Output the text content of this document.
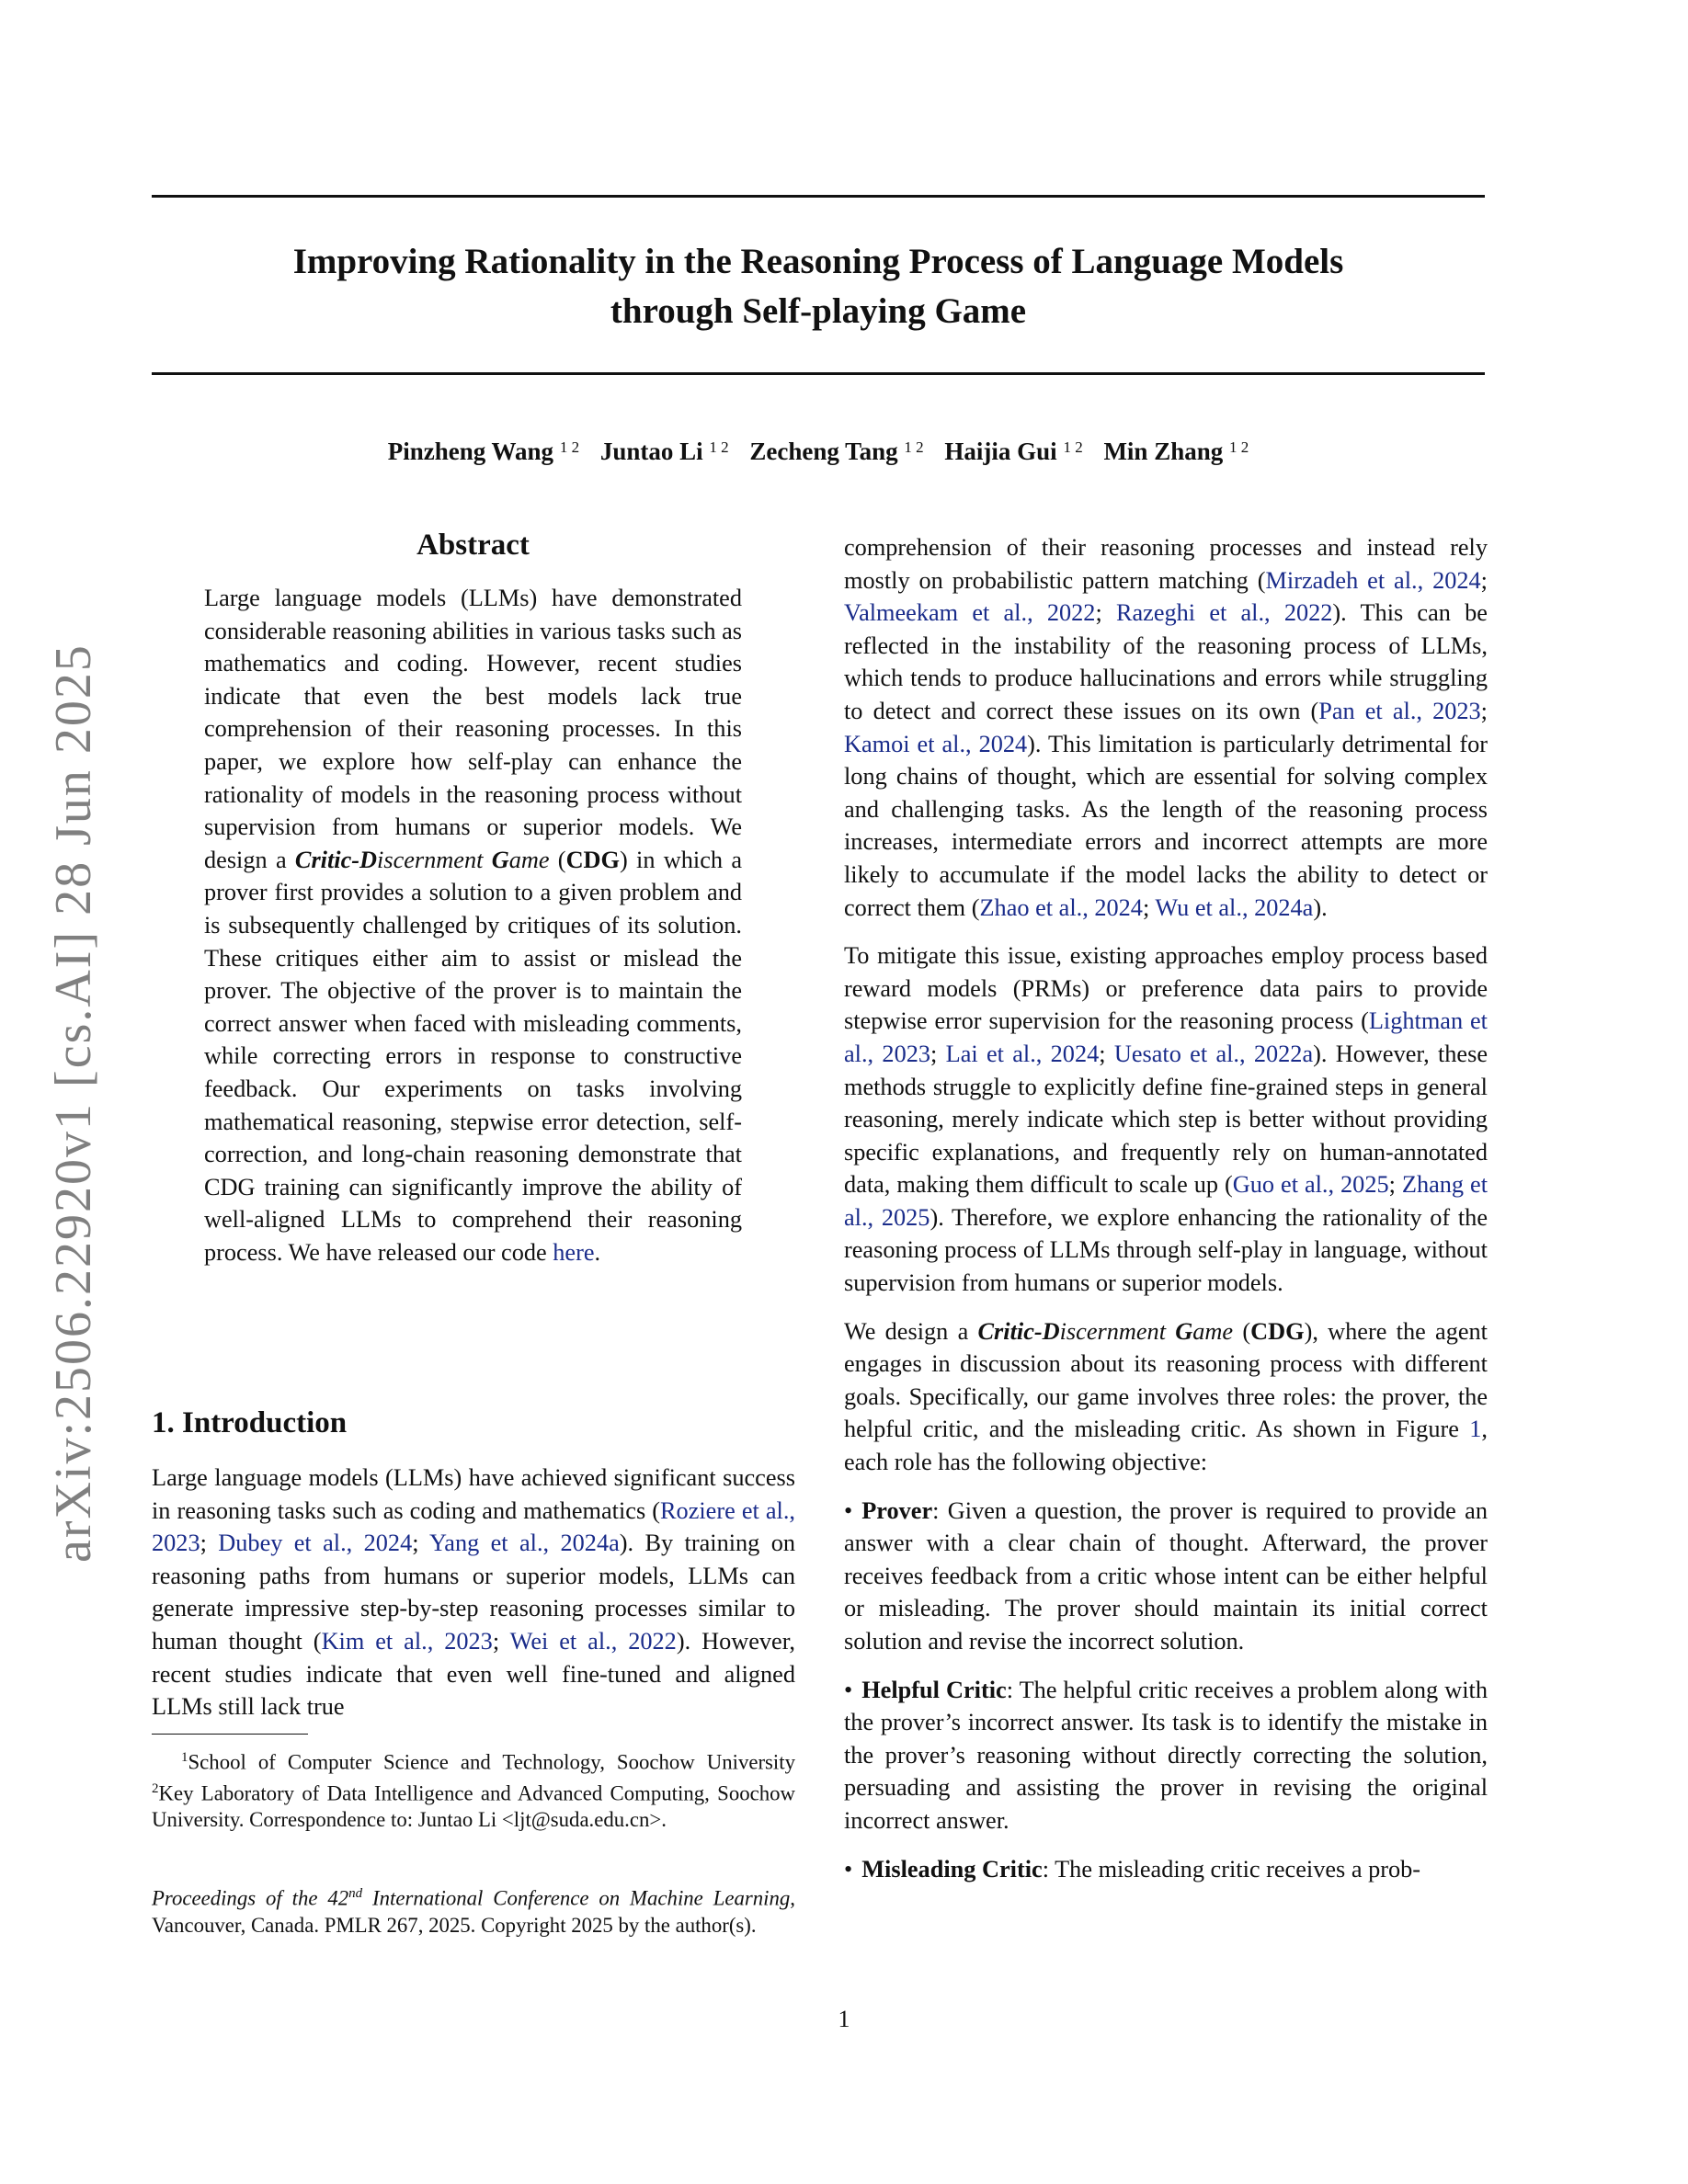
Improving Rationality in the Reasoning Process of Language Models
through Self-playing Game
Pinzheng Wang $^{1 2}$ Juntao Li $^{1 2}$ Zecheng Tang $^{1 2}$ Haijia Gui $^{1 2}$ Min Zhang $^{1 2}$
arXiv:2506.22920v1 [cs.AI] 28 Jun 2025
Abstract

Large language models (LLMs) have demonstrated considerable reasoning abilities in various tasks such as mathematics and coding. However, recent studies indicate that even the best models lack true comprehension of their reasoning processes. In this paper, we explore how self-play can enhance the rationality of models in the reasoning process without supervision from humans or superior models. We design a Critic-Discernment Game (CDG) in which a prover first provides a solution to a given problem and is subsequently challenged by critiques of its solution. These critiques either aim to assist or mislead the prover. The objective of the prover is to maintain the correct answer when faced with misleading comments, while correcting errors in response to constructive feedback. Our experiments on tasks involving mathematical reasoning, stepwise error detection, self-correction, and long-chain reasoning demonstrate that CDG training can significantly improve the ability of well-aligned LLMs to comprehend their reasoning process. We have released our code here.

1. Introduction

Large language models (LLMs) have achieved significant success in reasoning tasks such as coding and mathematics (Roziere et al., 2023; Dubey et al., 2024; Yang et al., 2024a). By training on reasoning paths from humans or superior models, LLMs can generate impressive step-by-step reasoning processes similar to human thought (Kim et al., 2023; Wei et al., 2022). However, recent studies indicate that even well fine-tuned and aligned LLMs still lack true

$^1$School of Computer Science and Technology, Soochow University $^2$Key Laboratory of Data Intelligence and Advanced Computing, Soochow University. Correspondence to: Juntao Li <ljt@suda.edu.cn>.
Proceedings of the 42nd International Conference on Machine Learning, Vancouver, Canada. PMLR 267, 2025. Copyright 2025 by the author(s).

comprehension of their reasoning processes and instead rely mostly on probabilistic pattern matching (Mirzadeh et al., 2024; Valmeekam et al., 2022; Razeghi et al., 2022). This can be reflected in the instability of the reasoning process of LLMs, which tends to produce hallucinations and errors while struggling to detect and correct these issues on its own (Pan et al., 2023; Kamoi et al., 2024). This limitation is particularly detrimental for long chains of thought, which are essential for solving complex and challenging tasks. As the length of the reasoning process increases, intermediate errors and incorrect attempts are more likely to accumulate if the model lacks the ability to detect or correct them (Zhao et al., 2024; Wu et al., 2024a).

To mitigate this issue, existing approaches employ process based reward models (PRMs) or preference data pairs to provide stepwise error supervision for the reasoning process (Lightman et al., 2023; Lai et al., 2024; Uesato et al., 2022a). However, these methods struggle to explicitly define fine-grained steps in general reasoning, merely indicate which step is better without providing specific explanations, and frequently rely on human-annotated data, making them difficult to scale up (Guo et al., 2025; Zhang et al., 2025). Therefore, we explore enhancing the rationality of the reasoning process of LLMs through self-play in language, without supervision from humans or superior models.

We design a Critic-Discernment Game (CDG), where the agent engages in discussion about its reasoning process with different goals. Specifically, our game involves three roles: the prover, the helpful critic, and the misleading critic. As shown in Figure 1, each role has the following objective:

• Prover: Given a question, the prover is required to provide an answer with a clear chain of thought. Afterward, the prover receives feedback from a critic whose intent can be either helpful or misleading. The prover should maintain its initial correct solution and revise the incorrect solution.
• Helpful Critic: The helpful critic receives a problem along with the prover’s incorrect answer. Its task is to identify the mistake in the prover’s reasoning without directly correcting the solution, persuading and assisting the prover in revising the original incorrect answer.
• Misleading Critic: The misleading critic receives a prob-
1
